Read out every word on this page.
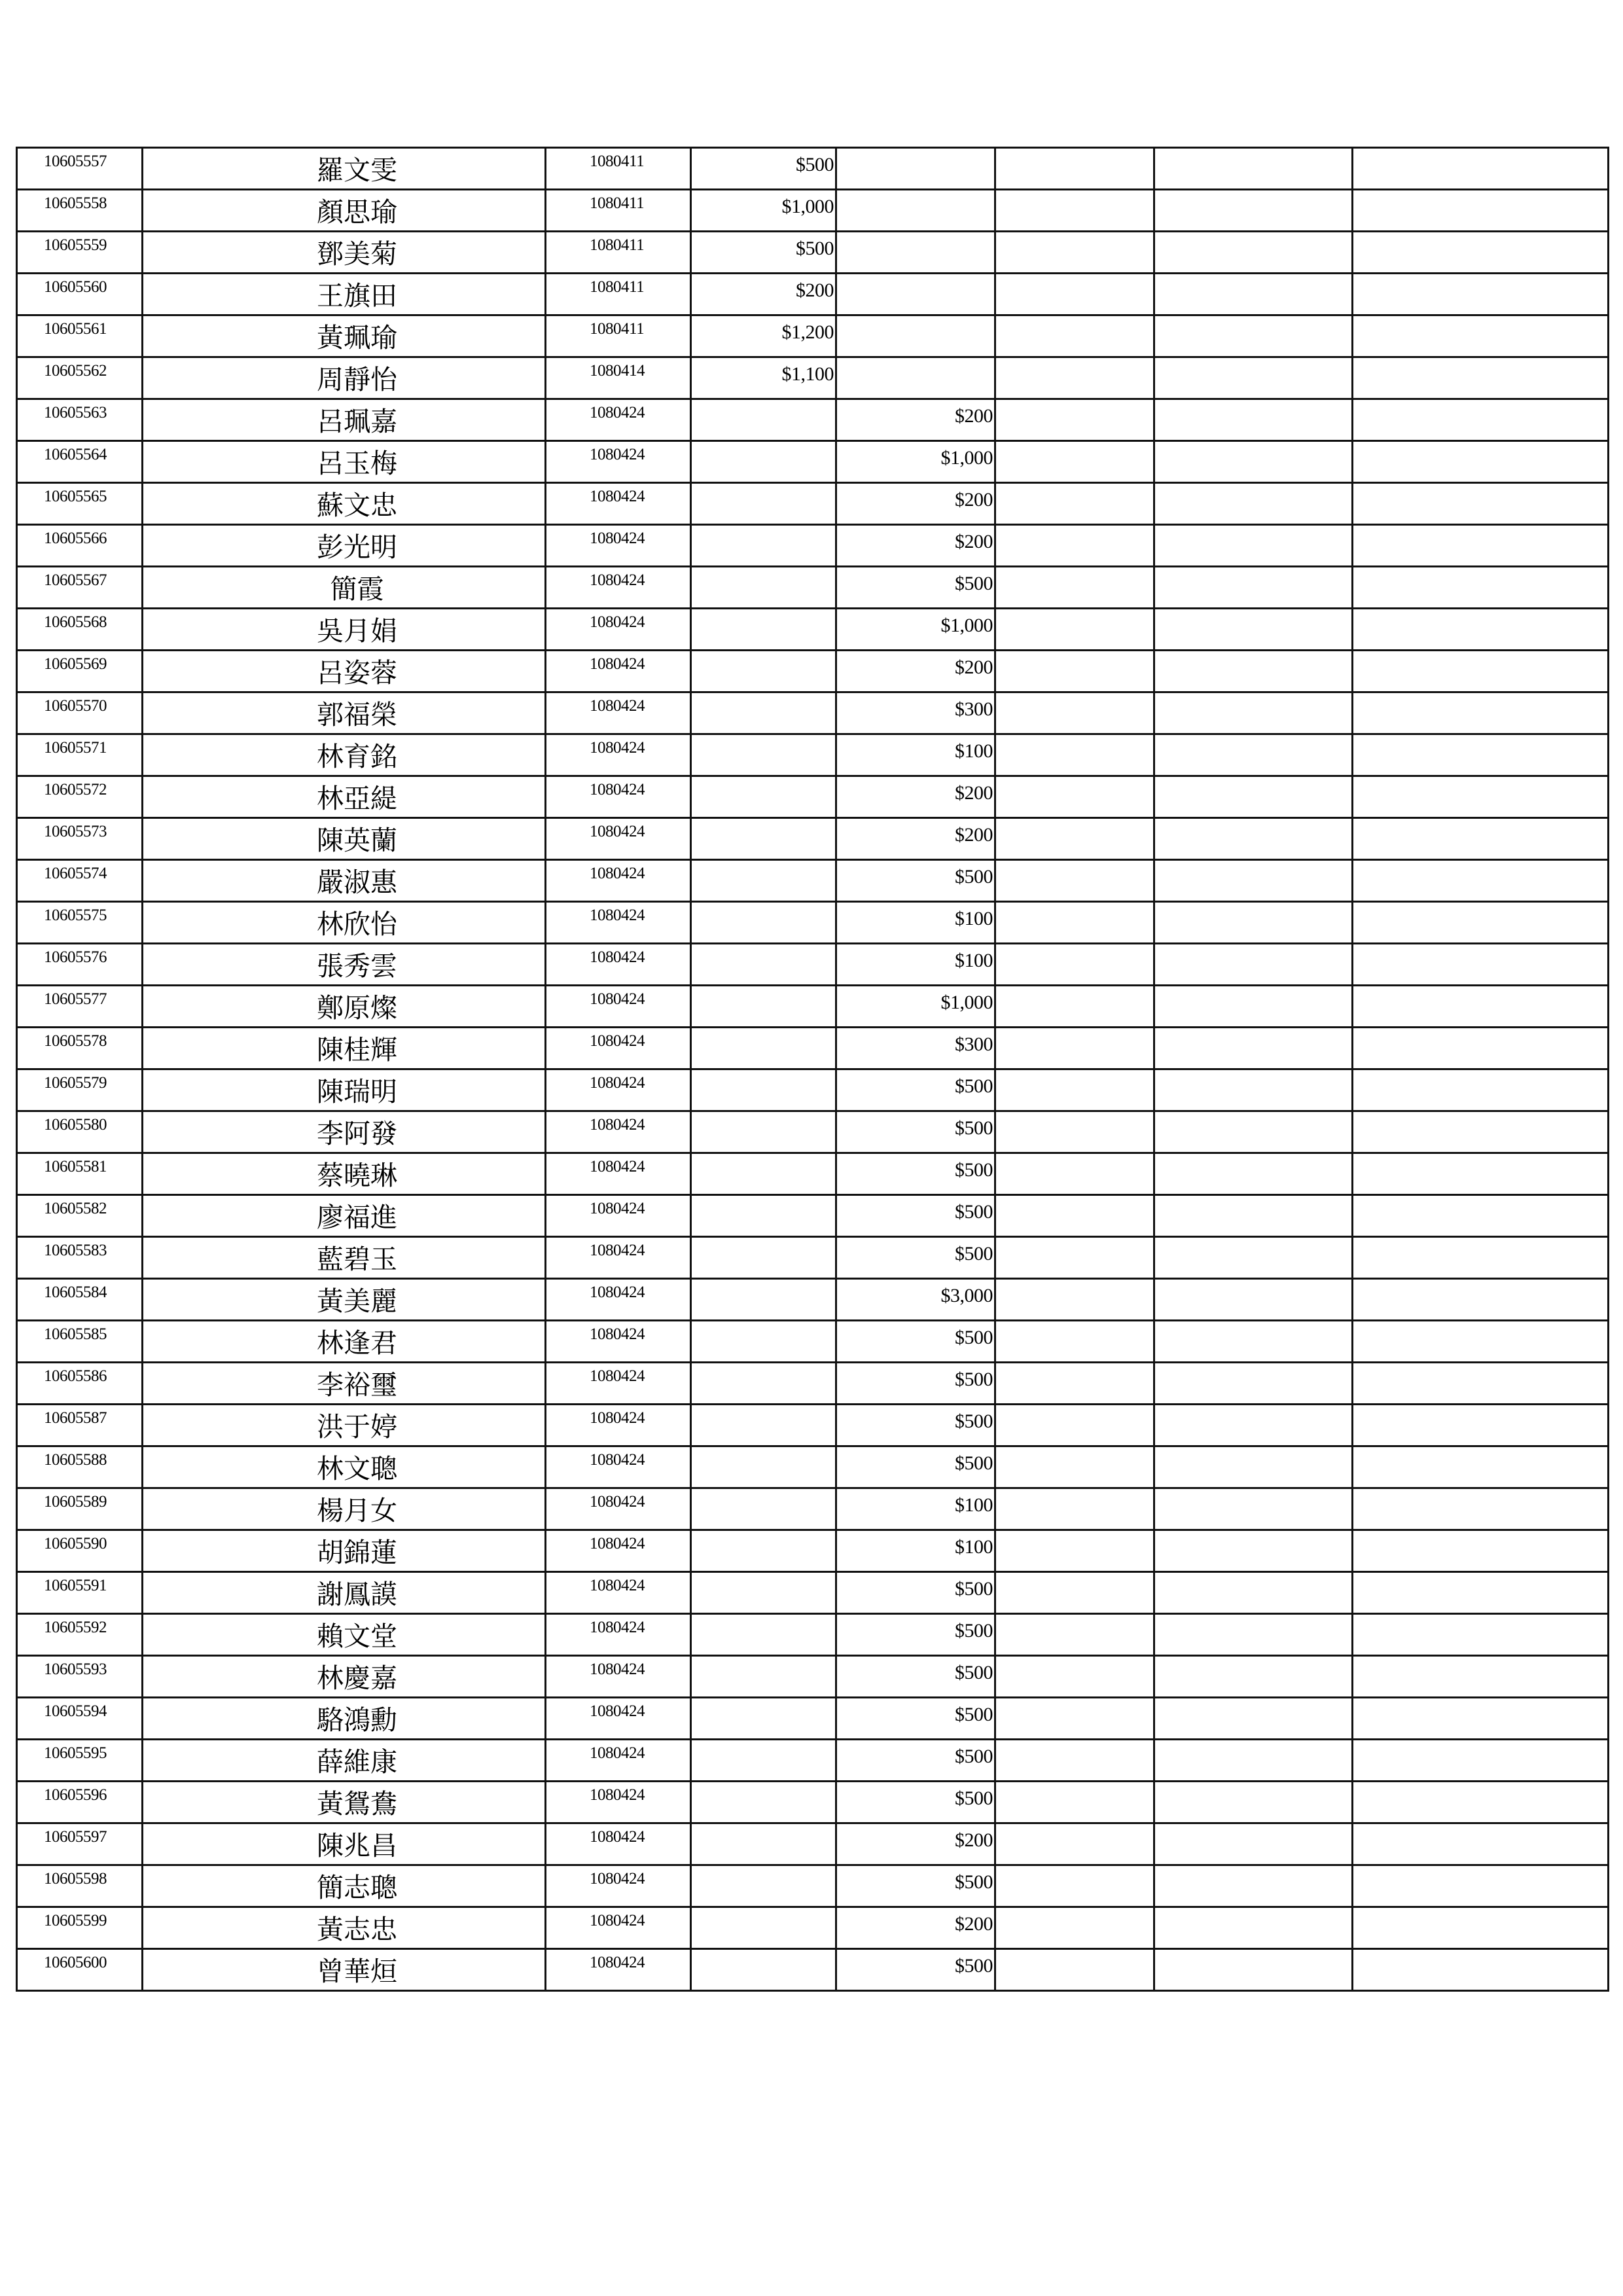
10605557	羅文雯	1080411	$500				
10605558	顏思瑜	1080411	$1,000				
10605559	鄧美菊	1080411	$500				
10605560	王旗田	1080411	$200				
10605561	黃珮瑜	1080411	$1,200				
10605562	周靜怡	1080414	$1,100				
10605563	呂珮嘉	1080424		$200			
10605564	呂玉梅	1080424		$1,000			
10605565	蘇文忠	1080424		$200			
10605566	彭光明	1080424		$200			
10605567	簡霞	1080424		$500			
10605568	吳月娟	1080424		$1,000			
10605569	呂姿蓉	1080424		$200			
10605570	郭福榮	1080424		$300			
10605571	林育銘	1080424		$100			
10605572	林亞緹	1080424		$200			
10605573	陳英蘭	1080424		$200			
10605574	嚴淑惠	1080424		$500			
10605575	林欣怡	1080424		$100			
10605576	張秀雲	1080424		$100			
10605577	鄭原燦	1080424		$1,000			
10605578	陳桂輝	1080424		$300			
10605579	陳瑞明	1080424		$500			
10605580	李阿發	1080424		$500			
10605581	蔡曉琳	1080424		$500			
10605582	廖福進	1080424		$500			
10605583	藍碧玉	1080424		$500			
10605584	黃美麗	1080424		$3,000			
10605585	林逢君	1080424		$500			
10605586	李裕璽	1080424		$500			
10605587	洪于婷	1080424		$500			
10605588	林文聰	1080424		$500			
10605589	楊月女	1080424		$100			
10605590	胡錦蓮	1080424		$100			
10605591	謝鳳謨	1080424		$500			
10605592	賴文堂	1080424		$500			
10605593	林慶嘉	1080424		$500			
10605594	駱鴻勳	1080424		$500			
10605595	薛維康	1080424		$500			
10605596	黃鴛鴦	1080424		$500			
10605597	陳兆昌	1080424		$200			
10605598	簡志聰	1080424		$500			
10605599	黃志忠	1080424		$200			
10605600	曾華烜	1080424		$500			
